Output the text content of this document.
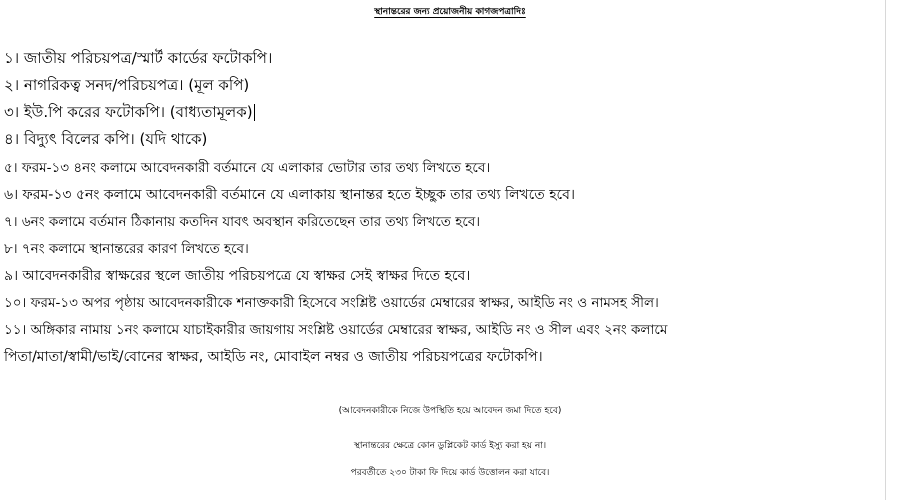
স্থানান্তরের জন্য প্রয়োজনীয় কাগজপত্রাদিঃ
১। জাতীয় পরিচয়পত্র/স্মার্ট কার্ডের ফটোকপি।
২। নাগরিকত্ব সনদ/পরিচয়পত্র। (মূল কপি)
৩। ইউ.পি করের ফটোকপি। (বাধ্যতামূলক)
৪। বিদ্যুৎ বিলের কপি। (যদি থাকে)
৫। ফরম-১৩ ৪নং কলামে আবেদনকারী বর্তমানে যে এলাকার ভোটার তার তথ্য লিখতে হবে।
৬। ফরম-১৩ ৫নং কলামে আবেদনকারী বর্তমানে যে এলাকায় স্থানান্তর হতে ইচ্ছুক তার তথ্য লিখতে হবে।
৭। ৬নং কলামে বর্তমান ঠিকানায় কতদিন যাবৎ অবস্থান করিতেছেন তার তথ্য লিখতে হবে।
৮। ৭নং কলামে স্থানান্তরের কারণ লিখতে হবে।
৯। আবেদনকারীর স্বাক্ষরের স্থলে জাতীয় পরিচয়পত্রে যে স্বাক্ষর সেই স্বাক্ষর দিতে হবে।
১০। ফরম-১৩ অপর পৃষ্ঠায় আবেদনকারীকে শনাক্তকারী হিসেবে সংশ্লিষ্ট ওয়ার্ডের মেম্বারের স্বাক্ষর, আইডি নং ও নামসহ সীল।
১১। অঙ্গিকার নামায় ১নং কলামে যাচাইকারীর জায়গায় সংশ্লিষ্ট ওয়ার্ডের মেম্বারের স্বাক্ষর, আইডি নং ও সীল এবং ২নং কলামে
পিতা/মাতা/স্বামী/ভাই/বোনের স্বাক্ষর, আইডি নং, মোবাইল নম্বর ও জাতীয় পরিচয়পত্রের ফটোকপি।
(আবেদনকারীকে নিজে উপস্থিতি হয়ে আবেদন জমা দিতে হবে)
স্থানান্তরের ক্ষেত্রে কোন ডুপ্লিকেট কার্ড ইস্যু করা হয় না।
পরবর্তীতে ২৩০ টাকা ফি দিয়ে কার্ড উত্তোলন করা যাবে।
